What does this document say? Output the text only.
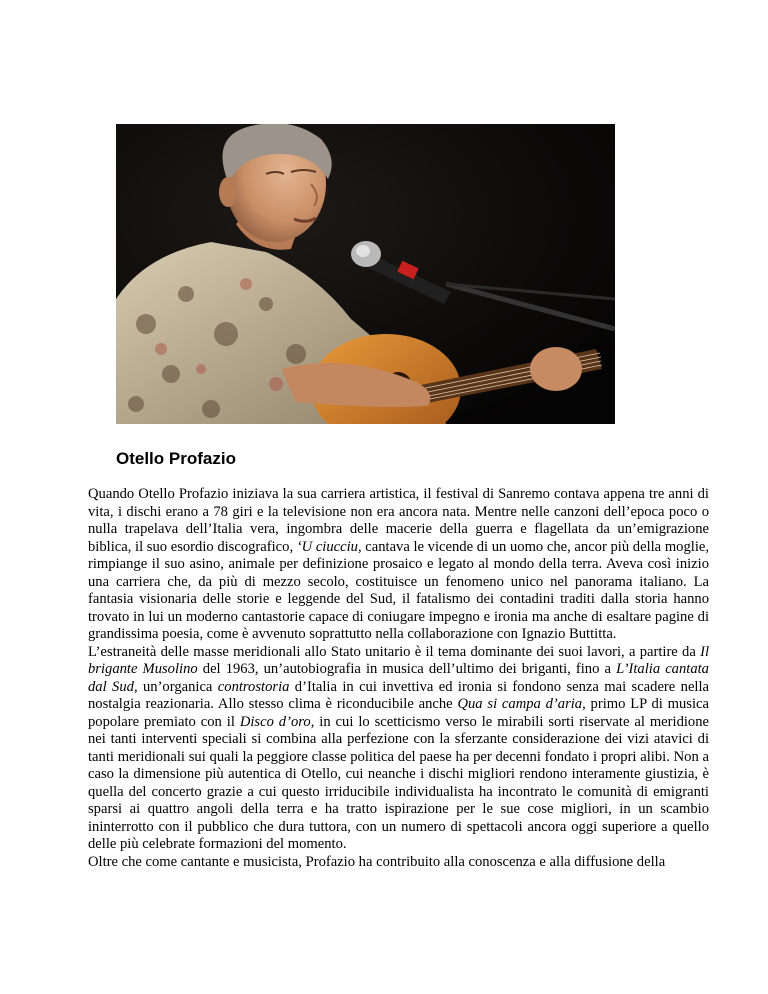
Otello Profazio

Quando Otello Profazio iniziava la sua carriera artistica, il festival di Sanremo contava appena tre anni di vita, i dischi erano a 78 giri e la televisione non era ancora nata. Mentre nelle canzoni dell’epoca poco o nulla trapelava dell’Italia vera, ingombra delle macerie della guerra e flagellata da un’emigrazione biblica, il suo esordio discografico, ‘U ciucciu, cantava le vicende di un uomo che, ancor più della moglie, rimpiange il suo asino, animale per definizione prosaico e legato al mondo della terra. Aveva così inizio una carriera che, da più di mezzo secolo, costituisce un fenomeno unico nel panorama italiano. La fantasia visionaria delle storie e leggende del Sud, il fatalismo dei contadini traditi dalla storia hanno trovato in lui un moderno cantastorie capace di coniugare impegno e ironia ma anche di esaltare pagine di grandissima poesia, come è avvenuto soprattutto nella collaborazione con Ignazio Buttitta.

L’estraneità delle masse meridionali allo Stato unitario è il tema dominante dei suoi lavori, a partire da Il brigante Musolino del 1963, un’autobiografia in musica dell’ultimo dei briganti, fino a L’Italia cantata dal Sud, un’organica controstoria d’Italia in cui invettiva ed ironia si fondono senza mai scadere nella nostalgia reazionaria. Allo stesso clima è riconducibile anche Qua si campa d’aria, primo LP di musica popolare premiato con il Disco d’oro, in cui lo scetticismo verso le mirabili sorti riservate al meridione nei tanti interventi speciali si combina alla perfezione con la sferzante considerazione dei vizi atavici di tanti meridionali sui quali la peggiore classe politica del paese ha per decenni fondato i propri alibi. Non a caso la dimensione più autentica di Otello, cui neanche i dischi migliori rendono interamente giustizia, è quella del concerto grazie a cui questo irriducibile individualista ha incontrato le comunità di emigranti sparsi ai quattro angoli della terra e ha tratto ispirazione per le sue cose migliori, in un scambio ininterrotto con il pubblico che dura tuttora, con un numero di spettacoli ancora oggi superiore a quello delle più celebrate formazioni del momento.

Oltre che come cantante e musicista, Profazio ha contribuito alla conoscenza e alla diffusione della
